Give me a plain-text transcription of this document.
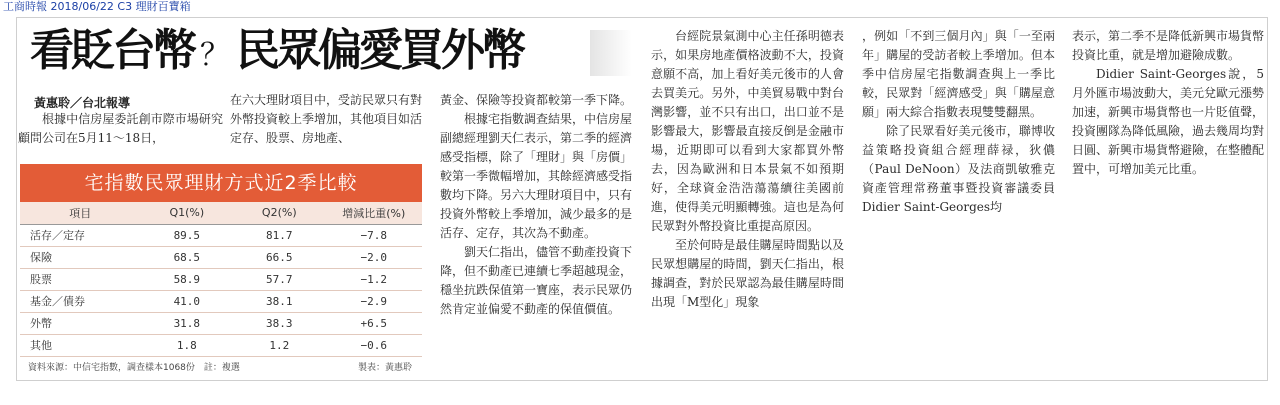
工商時報 2018/06/22 C3 理財百寶箱
看貶台幣 ？ 民眾偏愛買外幣
黃惠聆／台北報導

根據中信房屋委託創市際市場研究顧問公司在5月11～18日，

在六大理財項目中，受訪民眾只有對外幣投資較上季增加，其他項目如活定存、股票、房地產、

黃金、保險等投資都較第一季下降。

根據宅指數調查結果，中信房屋副總經理劉天仁表示，第二季的經濟感受指標，除了「理財」與「房價」較第一季微幅增加，其餘經濟感受指數均下降。另六大理財項目中，只有投資外幣較上季增加，減少最多的是活存、定存，其次為不動產。

劉天仁指出，儘管不動產投資下降，但不動產已連續七季超越現金，穩坐抗跌保值第一寶座，表示民眾仍然肯定並偏愛不動產的保值價值。

台經院景氣測中心主任孫明德表示，如果房地產價格波動不大，投資意願不高，加上看好美元後市的人會去買美元。另外，中美貿易戰中對台灣影響，並不只有出口，出口並不是影響最大，影響最直接反倒是金融市場，近期即可以看到大家都買外幣去，因為歐洲和日本景氣不如預期好，全球資金浩浩蕩蕩續往美國前進，使得美元明顯轉強。這也是為何民眾對外幣投資比重提高原因。

至於何時是最佳購屋時間點以及民眾想購屋的時間，劉天仁指出，根據調查，對於民眾認為最佳購屋時間出現「M型化」現象

，例如「不到三個月內」與「一至兩年」購屋的受訪者較上季增加。但本季中信房屋宅指數調查與上一季比較，民眾對「經濟感受」與「購屋意願」兩大綜合指數表現雙雙翻黑。

除了民眾看好美元後市，聯博收益策略投資組合經理薛禄，狄儂（Paul DeNoon）及法商凱敏雅克資產管理常務董事暨投資審議委員Didier Saint-Georges均

表示，第二季不是降低新興市場貨幣投資比重，就是增加避險成數。

Didier Saint-Georges說，5月外匯市場波動大，美元兌歐元漲勢加速，新興市場貨幣也一片貶值聲，投資團隊為降低風險，過去幾周均對日圓、新興市場貨幣避險，在整體配置中，可增加美元比重。

宅指數民眾理財方式近2季比較
項目	Q1(%)	Q2(%)	增減比重(%)
活存／定存	89.5	81.7	−7.8
保險	68.5	66.5	−2.0
股票	58.9	57.7	−1.2
基金／債券	41.0	38.1	−2.9
外幣	31.8	38.3	+6.5
其他	1.8	1.2	−0.6
資料來源：中信宅指數，調查樣本1068份　註：複選	製表：黃惠聆
